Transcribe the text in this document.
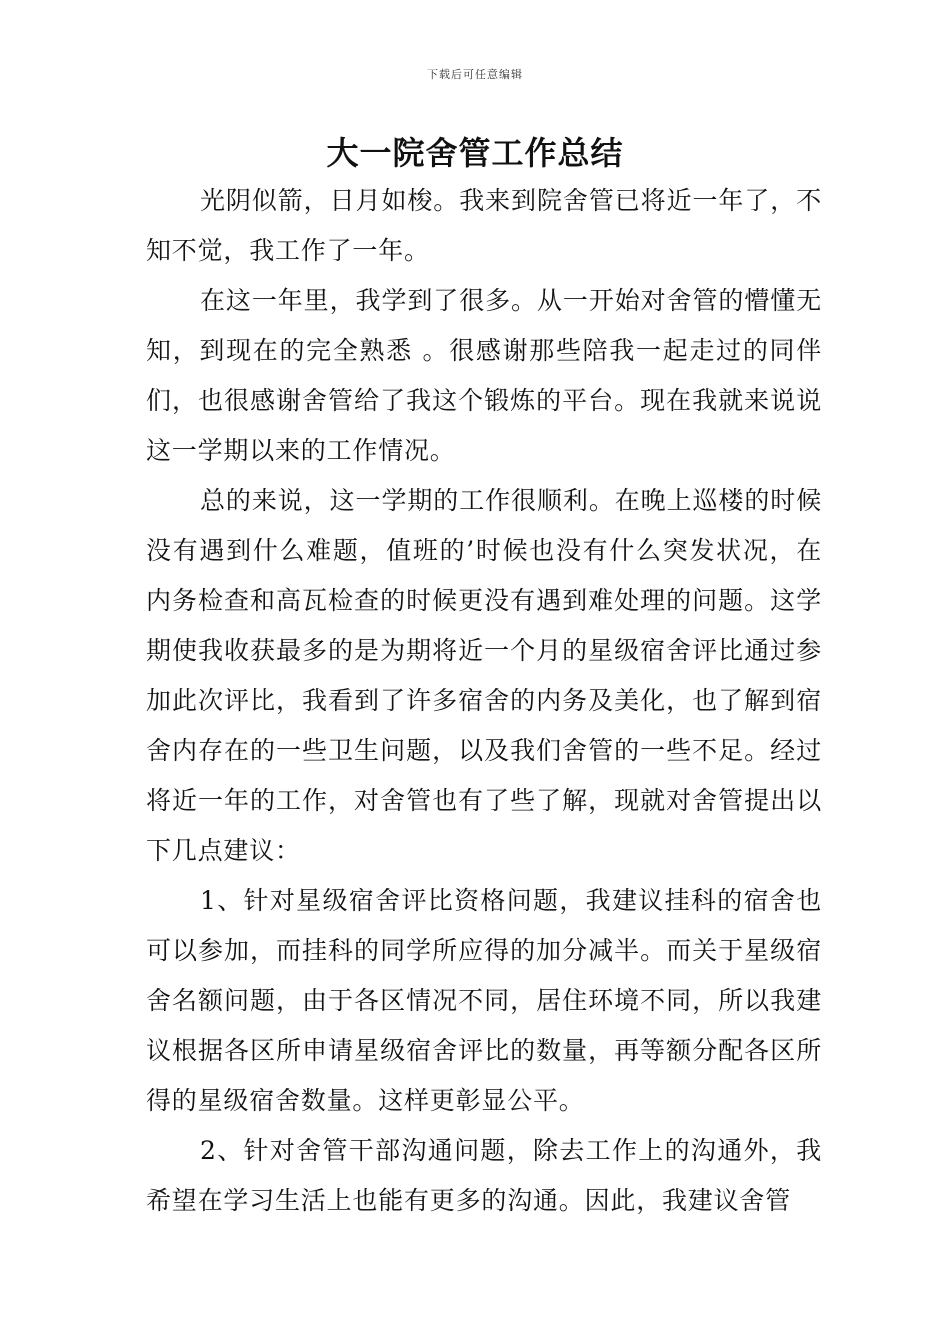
下载后可任意编辑
大一院舍管工作总结

光阴似箭，日月如梭。我来到院舍管已将近一年了，不知不觉，我工作了一年。

在这一年里，我学到了很多。从一开始对舍管的懵懂无知，到现在的完全熟悉 。很感谢那些陪我一起走过的同伴们，也很感谢舍管给了我这个锻炼的平台。现在我就来说说这一学期以来的工作情况。

总的来说，这一学期的工作很顺利。在晚上巡楼的时候没有遇到什么难题，值班的’时候也没有什么突发状况，在内务检查和高瓦检查的时候更没有遇到难处理的问题。这学期使我收获最多的是为期将近一个月的星级宿舍评比通过参加此次评比，我看到了许多宿舍的内务及美化，也了解到宿舍内存在的一些卫生问题，以及我们舍管的一些不足。经过将近一年的工作，对舍管也有了些了解，现就对舍管提出以下几点建议：

1、针对星级宿舍评比资格问题，我建议挂科的宿舍也可以参加，而挂科的同学所应得的加分减半。而关于星级宿舍名额问题，由于各区情况不同，居住环境不同，所以我建议根据各区所申请星级宿舍评比的数量，再等额分配各区所得的星级宿舍数量。这样更彰显公平。

2、针对舍管干部沟通问题，除去工作上的沟通外，我希望在学习生活上也能有更多的沟通。因此，我建议舍管
